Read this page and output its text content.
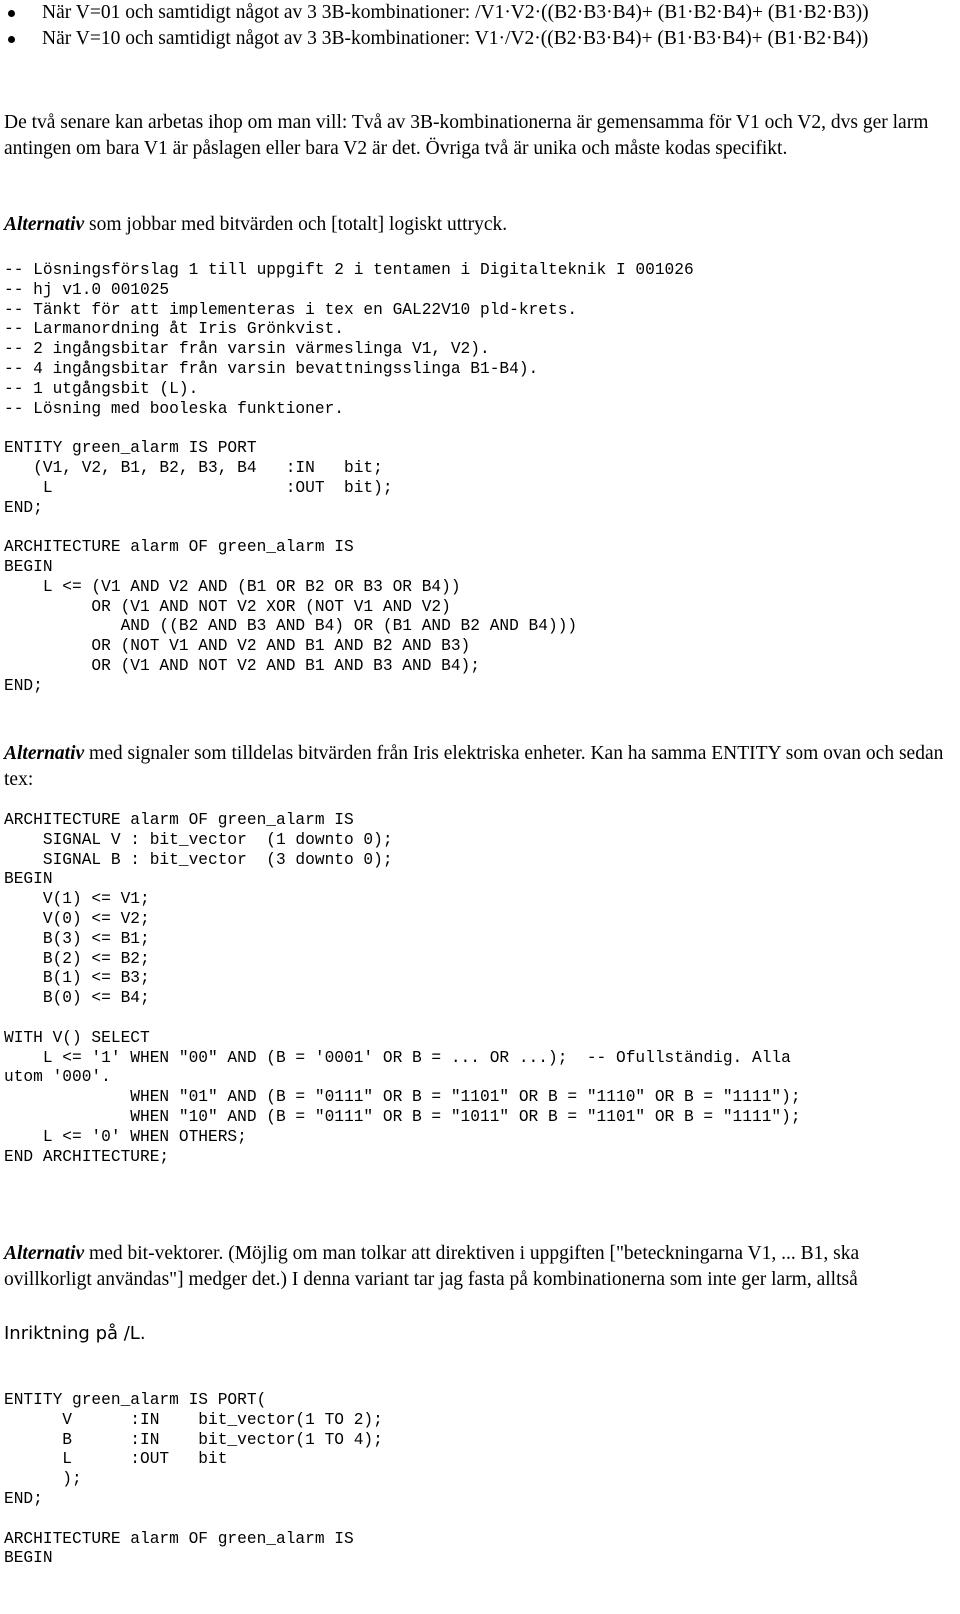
När V=01 och samtidigt något av 3 3B-kombinationer: /V1·V2·((B2·B3·B4)+ (B1·B2·B4)+ (B1·B2·B3))
När V=10 och samtidigt något av 3 3B-kombinationer: V1·/V2·((B2·B3·B4)+ (B1·B3·B4)+ (B1·B2·B4))

De två senare kan arbetas ihop om man vill: Två av 3B-kombinationerna är gemensamma för V1 och V2, dvs ger larm antingen om bara V1 är påslagen eller bara V2 är det. Övriga två är unika och måste kodas specifikt.

Alternativ som jobbar med bitvärden och [totalt] logiskt uttryck.

-- Lösningsförslag 1 till uppgift 2 i tentamen i Digitalteknik I 001026
-- hj v1.0 001025
-- Tänkt för att implementeras i tex en GAL22V10 pld-krets.
-- Larmanordning åt Iris Grönkvist.
-- 2 ingångsbitar från varsin värmeslinga V1, V2).
-- 4 ingångsbitar från varsin bevattningsslinga B1-B4).
-- 1 utgångsbit (L).
-- Lösning med booleska funktioner.

ENTITY green_alarm IS PORT
(V1, V2, B1, B2, B3, B4   :IN   bit;
L                        :OUT  bit);
END;

ARCHITECTURE alarm OF green_alarm IS
BEGIN
L <= (V1 AND V2 AND (B1 OR B2 OR B3 OR B4))
OR (V1 AND NOT V2 XOR (NOT V1 AND V2)
AND ((B2 AND B3 AND B4) OR (B1 AND B2 AND B4)))
OR (NOT V1 AND V2 AND B1 AND B2 AND B3)
OR (V1 AND NOT V2 AND B1 AND B3 AND B4);
END;

Alternativ med signaler som tilldelas bitvärden från Iris elektriska enheter. Kan ha samma ENTITY som ovan och sedan tex:

ARCHITECTURE alarm OF green_alarm IS
SIGNAL V : bit_vector  (1 downto 0);
SIGNAL B : bit_vector  (3 downto 0);
BEGIN
V(1) <= V1;
V(0) <= V2;
B(3) <= B1;
B(2) <= B2;
B(1) <= B3;
B(0) <= B4;

WITH V() SELECT
L <= '1' WHEN "00" AND (B = '0001' OR B = ... OR ...);  -- Ofullständig. Alla
utom '000'.
WHEN "01" AND (B = "0111" OR B = "1101" OR B = "1110" OR B = "1111");
WHEN "10" AND (B = "0111" OR B = "1011" OR B = "1101" OR B = "1111");
L <= '0' WHEN OTHERS;
END ARCHITECTURE;

Alternativ med bit-vektorer. (Möjlig om man tolkar att direktiven i uppgiften ["beteckningarna V1, ... B1, ska ovillkorligt användas"] medger det.) I denna variant tar jag fasta på kombinationerna som inte ger larm, alltså

Inriktning på /L.
ENTITY green_alarm IS PORT(
V      :IN    bit_vector(1 TO 2);
B      :IN    bit_vector(1 TO 4);
L      :OUT   bit
);
END;

ARCHITECTURE alarm OF green_alarm IS
BEGIN
